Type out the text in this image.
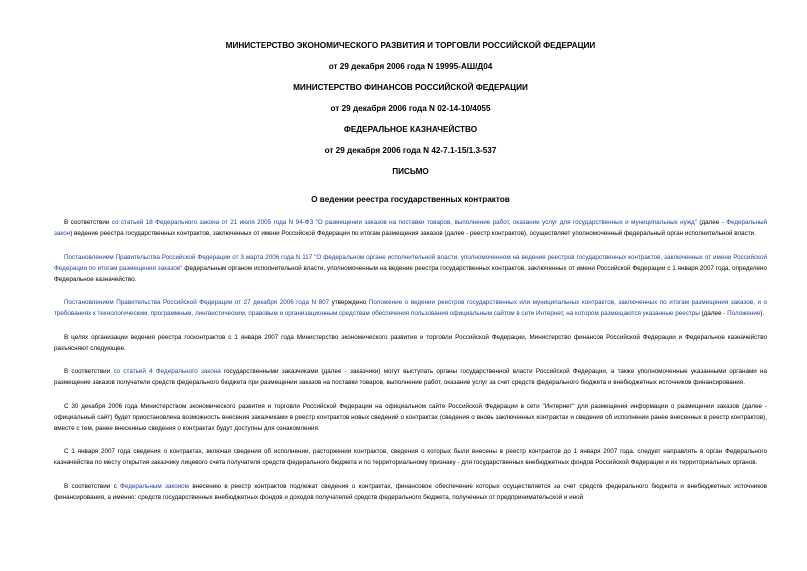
МИНИСТЕРСТВО ЭКОНОМИЧЕСКОГО РАЗВИТИЯ И ТОРГОВЛИ РОССИЙСКОЙ ФЕДЕРАЦИИ
от 29 декабря 2006 года N 19995-АШ/Д04
МИНИСТЕРСТВО ФИНАНСОВ РОССИЙСКОЙ ФЕДЕРАЦИИ
от 29 декабря 2006 года N 02-14-10/4055
ФЕДЕРАЛЬНОЕ КАЗНАЧЕЙСТВО
от 29 декабря 2006 года N 42-7.1-15/1.3-537
ПИСЬМО
О ведении реестра государственных контрактов

В соответствии со статьей 18 Федерального закона от 21 июля 2005 года N 94-ФЗ "О размещении заказов на поставки товаров, выполнение работ, оказание услуг для государственных и муниципальных нужд" (далее - Федеральный закон) ведение реестра государственных контрактов, заключенных от имени Российской Федерации по итогам размещения заказов (далее - реестр контрактов), осуществляет уполномоченный федеральный орган исполнительной власти.

Постановлением Правительства Российской Федерации от 3 марта 2006 года N 117 "О федеральном органе исполнительной власти, уполномоченном на ведение реестров государственных контрактов, заключенных от имени Российской Федерации по итогам размещения заказов" федеральным органом исполнительной власти, уполномоченным на ведение реестра государственных контрактов, заключенных от имени Российской Федерации с 1 января 2007 года, определено Федеральное казначейство.

Постановлением Правительства Российской Федерации от 27 декабря 2006 года N 807 утверждено Положение о ведении реестров государственных или муниципальных контрактов, заключенных по итогам размещения заказов, и о требованиях к технологическим, программным, лингвистическим, правовым и организационным средствам обеспечения пользования официальным сайтом в сети Интернет, на котором размещаются указанные реестры (далее - Положение).

В целях организации ведения реестра госконтрактов с 1 января 2007 года Министерство экономического развития и торговли Российской Федерации, Министерство финансов Российской Федерации и Федеральное казначейство разъясняют следующее.

В соответствии со статьей 4 Федерального закона государственными заказчиками (далее - заказчики) могут выступать органы государственной власти Российской Федерации, а также уполномоченные указанными органами на размещение заказов получатели средств федерального бюджета при размещении заказов на поставки товаров, выполнение работ, оказание услуг за счет средств федерального бюджета и внебюджетных источников финансирования.

С 30 декабря 2006 года Министерством экономического развития и торговли Российской Федерации на официальном сайте Российской Федерации в сети "Интернет" для размещения информации о размещении заказов (далее - официальный сайт) будет приостановлена возможность внесения заказчиками в реестр контрактов новых сведений о контрактах (сведения о вновь заключенных контрактах и сведения об исполнении ранее внесенных в реестр контрактов), вместе с тем, ранее внесенные сведения о контрактах будут доступны для ознакомления.

С 1 января 2007 года сведения о контрактах, включая сведения об исполнении, расторжении контрактов, сведения о которых были внесены в реестр контрактов до 1 января 2007 года, следует направлять в орган Федерального казначейства по месту открытия заказчику лицевого счета получателя средств федерального бюджета и по территориальному признаку - для государственных внебюджетных фондов Российской Федерации и их территориальных органов.

В соответствии с Федеральным законом внесению в реестр контрактов подлежат сведения о контрактах, финансовое обеспечение которых осуществляется за счет средств федерального бюджета и внебюджетных источников финансирования, а именно: средств государственных внебюджетных фондов и доходов получателей средств федерального бюджета, полученных от предпринимательской и иной
